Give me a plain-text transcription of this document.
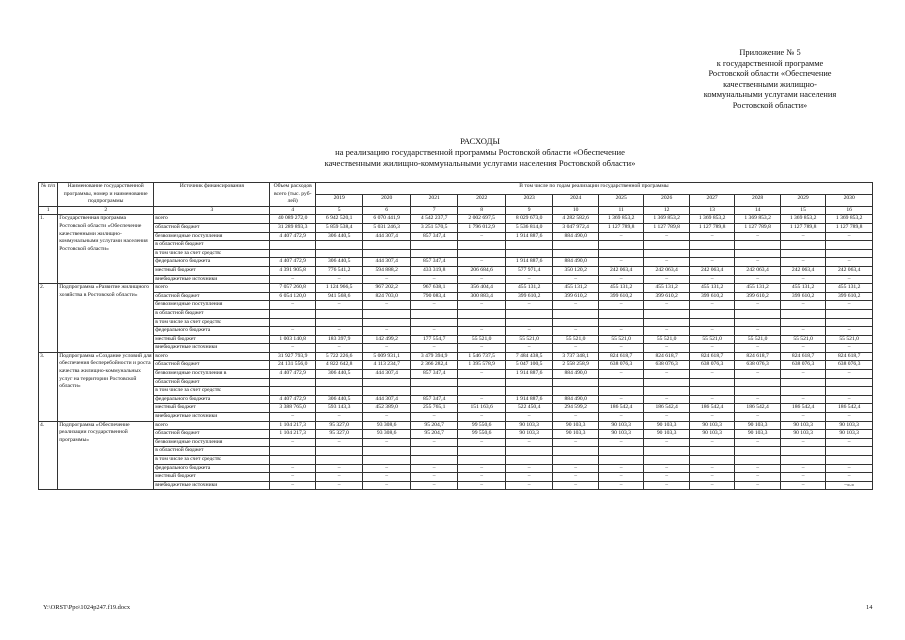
Приложение № 5
к государственной программе
Ростовской области «Обеспечение
качественными жилищно-
коммунальными услугами населения
Ростовской области»
РАСХОДЫ
на реализацию государственной программы Ростовской области «Обеспечение
качественными жилищно-коммунальными услугами населения Ростовской области»
№ п/п	Наименование государственной программы, номер и наименование подпрограммы	Источник финансирования	Объем расходов всего (тыс. руб-лей)	В том числе по годам реализации государственной программы											
				2019	2020	2021	2022	2023	2024	2025	2026	2027	2028	2029	2030
1	2	3	4	5	6	7	8	9	10	11	12	13	14	15	16
1.	Государственная программа Ростовской области «Обеспечение качественными жилищно-коммунальными услугами населения Ростовской области»	всего	40 089 272,0	6 942 520,1	6 070 441,9	4 542 237,7	2 002 697,5	8 029 673,0	4 282 582,6	1 369 853,2	1 369 853,2	1 369 853,2	1 369 853,2	1 369 853,2	1 369 853,2
		областной бюджет	31 289 893,3	5 859 538,4	5 031 246,3	3 251 570,5	1 796 012,9	5 536 814,0	3 047 972,4	1 127 789,8	1 127 789,8	1 127 789,8	1 127 789,8	1 127 789,8	1 127 789,8
		безвозмездные поступления	4 407 472,9	306 440,5	444 307,4	857 347,4	–	1 914 887,6	884 490,0	–	–	–	–	–	–
		в областной бюджет													
		в том числе за счет средств:													
		федерального бюджета	4 407 472,9	306 440,5	444 307,4	857 347,4	–	1 914 887,6	884 490,0	–	–	–	–	–	–
		местный бюджет	4 391 905,8	776 541,2	594 888,2	433 319,8	206 684,6	577 971,4	350 120,2	242 063,4	242 063,4	242 063,4	242 063,4	242 063,4	242 063,4
		внебюджетные источники	–	–	–	–	–	–	–	–	–	–	–	–	–
2.	Подпрограмма «Развитие жилищного хозяйства в Ростовской области»	всего	7 057 260,8	1 124 966,5	967 202,2	967 638,1	356 404,4	455 131,2	455 131,2	455 131,2	455 131,2	455 131,2	455 131,2	455 131,2	455 131,2
		областной бюджет	6 054 120,0	941 568,6	824 703,0	790 083,4	300 883,4	399 610,2	399 610,2	399 610,2	399 610,2	399 610,2	399 610,2	399 610,2	399 610,2
		безвозмездные поступления	–	–	–	–	–	–	–	–	–	–	–	–	–
		в областной бюджет													
		в том числе за счет средств:													
		федерального бюджета	–	–	–	–	–	–	–	–	–	–	–	–	–
		местный бюджет	1 003 140,8	183 397,9	142 499,2	177 554,7	55 521,0	55 521,0	55 521,0	55 521,0	55 521,0	55 521,0	55 521,0	55 521,0	55 521,0
		внебюджетные источники	–	–	–	–	–	–	–	–	–	–	–	–	–
3.	Подпрограмма «Создание условий для обеспечения бесперебойности и роста качества жилищно-коммунальных услуг на территории Ростовской области»	всего	31 927 793,9	5 722 226,6	5 009 931,1	3 479 394,9	1 546 737,5	7 484 438,5	3 737 348,1	824 618,7	824 618,7	824 618,7	824 618,7	824 618,7	824 618,7
		областной бюджет	24 131 556,0	4 822 642,8	4 113 234,7	2 366 282,4	1 395 578,9	5 047 100,5	2 558 258,9	638 076,3	638 076,3	638 076,3	638 076,3	638 076,3	638 076,3
		безвозмездные поступления в	4 407 472,9	306 440,5	444 307,4	857 347,4	–	1 914 887,6	884 490,0	–	–	–	–	–	–
		областной бюджет													
		в том числе за счет средств:													
		федерального бюджета	4 407 472,9	306 440,5	444 307,4	857 347,4	–	1 914 887,6	884 490,0	–	–	–	–	–	–
		местный бюджет	3 388 765,0	593 143,3	452 389,0	255 765,1	151 163,6	522 450,4	294 599,2	186 542,4	186 542,4	186 542,4	186 542,4	186 542,4	186 542,4
		внебюджетные источники	–	–	–	–	–	–	–	–	–	–	–	–	–
4.	Подпрограмма «Обеспечение реализации государственной программы»	всего	1 104 217,3	95 327,0	93 308,6	95 204,7	99 550,6	90 103,3	90 103,3	90 103,3	90 103,3	90 103,3	90 103,3	90 103,3	90 103,3
		областной бюджет	1 104 217,3	95 327,0	93 308,6	95 204,7	99 550,6	90 103,3	90 103,3	90 103,3	90 103,3	90 103,3	90 103,3	90 103,3	90 103,3
		безвозмездные поступления	–	–	–	–	–	–	–	–	–	–	–	–	–
		в областной бюджет													
		в том числе за счет средств:													
		федерального бюджета	–	–	–	–	–	–	–	–	–	–	–	–	–
		местный бюджет	–	–	–	–	–	–	–	–	–	–	–	–	–
		внебюджетные источники	–	–	–	–	–	–	–	–	–	–	–	–	–».»
Y:\ORST\Ppo\1024p247.f19.docx	14
